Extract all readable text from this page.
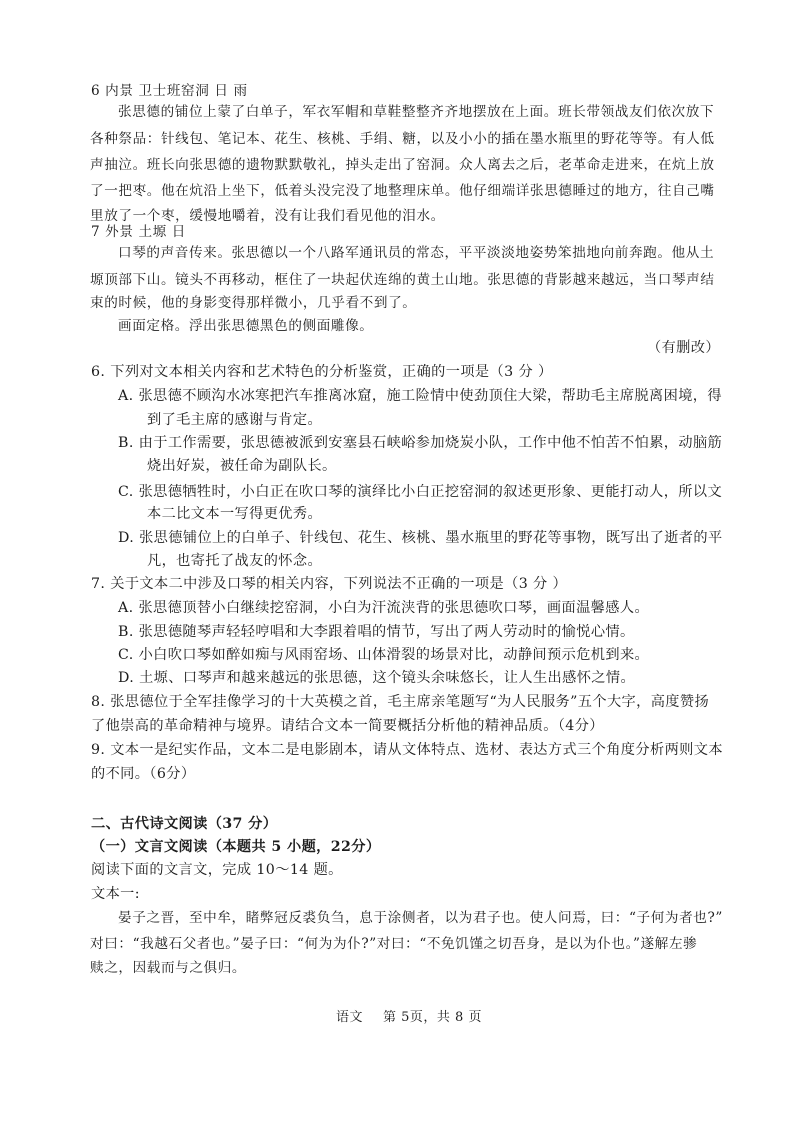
6 内景 卫士班窑洞 日 雨
张思德的铺位上蒙了白单子，军衣军帽和草鞋整整齐齐地摆放在上面。班长带领战友们依次放下
各种祭品：针线包、笔记本、花生、核桃、手绢、糖，以及小小的插在墨水瓶里的野花等等。有人低
声抽泣。班长向张思德的遗物默默敬礼，掉头走出了窑洞。众人离去之后，老革命走进来，在炕上放
了一把枣。他在炕沿上坐下，低着头没完没了地整理床单。他仔细端详张思德睡过的地方，往自己嘴
里放了一个枣，缓慢地嚼着，没有让我们看见他的泪水。
7 外景 土塬 日
口琴的声音传来。张思德以一个八路军通讯员的常态，平平淡淡地姿势笨拙地向前奔跑。他从土
塬顶部下山。镜头不再移动，框住了一块起伏连绵的黄土山地。张思德的背影越来越远，当口琴声结
束的时候，他的身影变得那样微小，几乎看不到了。
画面定格。浮出张思德黑色的侧面雕像。
（有删改）
6. 下列对文本相关内容和艺术特色的分析鉴赏，正确的一项是（3 分 ）
A. 张思德不顾沟水冰寒把汽车推离冰窟，施工险情中使劲顶住大梁，帮助毛主席脱离困境，得
到了毛主席的感谢与肯定。
B. 由于工作需要，张思德被派到安塞县石峡峪参加烧炭小队，工作中他不怕苦不怕累，动脑筋
烧出好炭，被任命为副队长。
C. 张思德牺牲时，小白正在吹口琴的演绎比小白正挖窑洞的叙述更形象、更能打动人，所以文
本二比文本一写得更优秀。
D. 张思德铺位上的白单子、针线包、花生、核桃、墨水瓶里的野花等事物，既写出了逝者的平
凡，也寄托了战友的怀念。
7. 关于文本二中涉及口琴的相关内容，下列说法不正确的一项是（3 分 ）
A. 张思德顶替小白继续挖窑洞，小白为汗流浃背的张思德吹口琴，画面温馨感人。
B. 张思德随琴声轻轻哼唱和大李跟着唱的情节，写出了两人劳动时的愉悦心情。
C. 小白吹口琴如醉如痴与风雨窑场、山体滑裂的场景对比，动静间预示危机到来。
D. 土塬、口琴声和越来越远的张思德，这个镜头余味悠长，让人生出感怀之情。
8. 张思德位于全军挂像学习的十大英模之首，毛主席亲笔题写“为人民服务”五个大字，高度赞扬
了他崇高的革命精神与境界。请结合文本一简要概括分析他的精神品质。（4分）
9. 文本一是纪实作品，文本二是电影剧本，请从文体特点、选材、表达方式三个角度分析两则文本
的不同。（6分）
二、古代诗文阅读（37 分）
（一）文言文阅读（本题共 5 小题，22分）
阅读下面的文言文，完成 10～14 题。
文本一:
晏子之晋，至中牟，睹弊冠反裘负刍，息于涂侧者，以为君子也。使人问焉，曰：“子何为者也?”
对曰：“我越石父者也。”晏子曰：“何为为仆?”对曰：“不免饥馑之切吾身，是以为仆也。”遂解左骖
赎之，因载而与之俱归。
语文 第 5页，共 8 页
